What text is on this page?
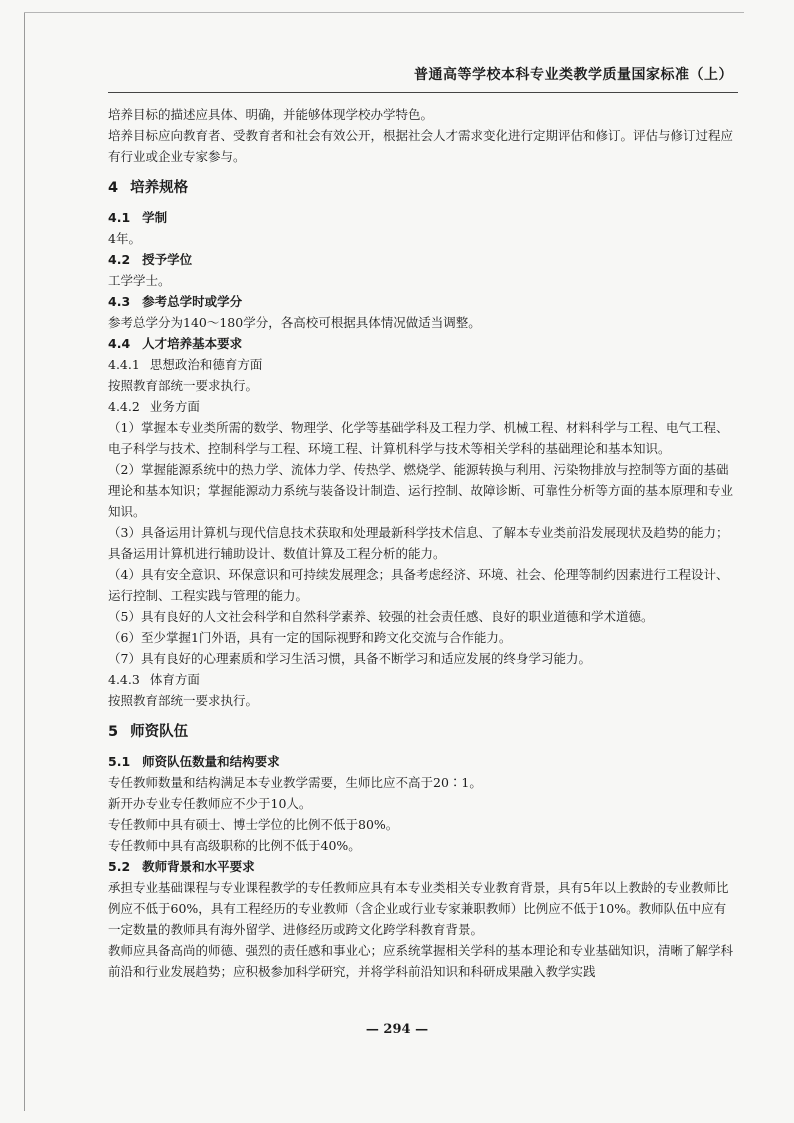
普通高等学校本科专业类教学质量国家标准（上）

培养目标的描述应具体、明确，并能够体现学校办学特色。

培养目标应向教育者、受教育者和社会有效公开，根据社会人才需求变化进行定期评估和修订。评估与修订过程应有行业或企业专家参与。

4 培养规格
4.1 学制

4年。

4.2 授予学位

工学学士。

4.3 参考总学时或学分

参考总学分为140～180学分，各高校可根据具体情况做适当调整。

4.4 人才培养基本要求
4.4.1 思想政治和德育方面

按照教育部统一要求执行。

4.4.2 业务方面

（1）掌握本专业类所需的数学、物理学、化学等基础学科及工程力学、机械工程、材料科学与工程、电气工程、电子科学与技术、控制科学与工程、环境工程、计算机科学与技术等相关学科的基础理论和基本知识。

（2）掌握能源系统中的热力学、流体力学、传热学、燃烧学、能源转换与利用、污染物排放与控制等方面的基础理论和基本知识；掌握能源动力系统与装备设计制造、运行控制、故障诊断、可靠性分析等方面的基本原理和专业知识。

（3）具备运用计算机与现代信息技术获取和处理最新科学技术信息、了解本专业类前沿发展现状及趋势的能力；具备运用计算机进行辅助设计、数值计算及工程分析的能力。

（4）具有安全意识、环保意识和可持续发展理念；具备考虑经济、环境、社会、伦理等制约因素进行工程设计、运行控制、工程实践与管理的能力。

（5）具有良好的人文社会科学和自然科学素养、较强的社会责任感、良好的职业道德和学术道德。

（6）至少掌握1门外语，具有一定的国际视野和跨文化交流与合作能力。

（7）具有良好的心理素质和学习生活习惯，具备不断学习和适应发展的终身学习能力。

4.4.3 体育方面

按照教育部统一要求执行。

5 师资队伍
5.1 师资队伍数量和结构要求

专任教师数量和结构满足本专业教学需要，生师比应不高于20∶1。

新开办专业专任教师应不少于10人。

专任教师中具有硕士、博士学位的比例不低于80%。

专任教师中具有高级职称的比例不低于40%。

5.2 教师背景和水平要求

承担专业基础课程与专业课程教学的专任教师应具有本专业类相关专业教育背景，具有5年以上教龄的专业教师比例应不低于60%，具有工程经历的专业教师（含企业或行业专家兼职教师）比例应不低于10%。教师队伍中应有一定数量的教师具有海外留学、进修经历或跨文化跨学科教育背景。

教师应具备高尚的师德、强烈的责任感和事业心；应系统掌握相关学科的基本理论和专业基础知识，清晰了解学科前沿和行业发展趋势；应积极参加科学研究，并将学科前沿知识和科研成果融入教学实践

— 294 —
